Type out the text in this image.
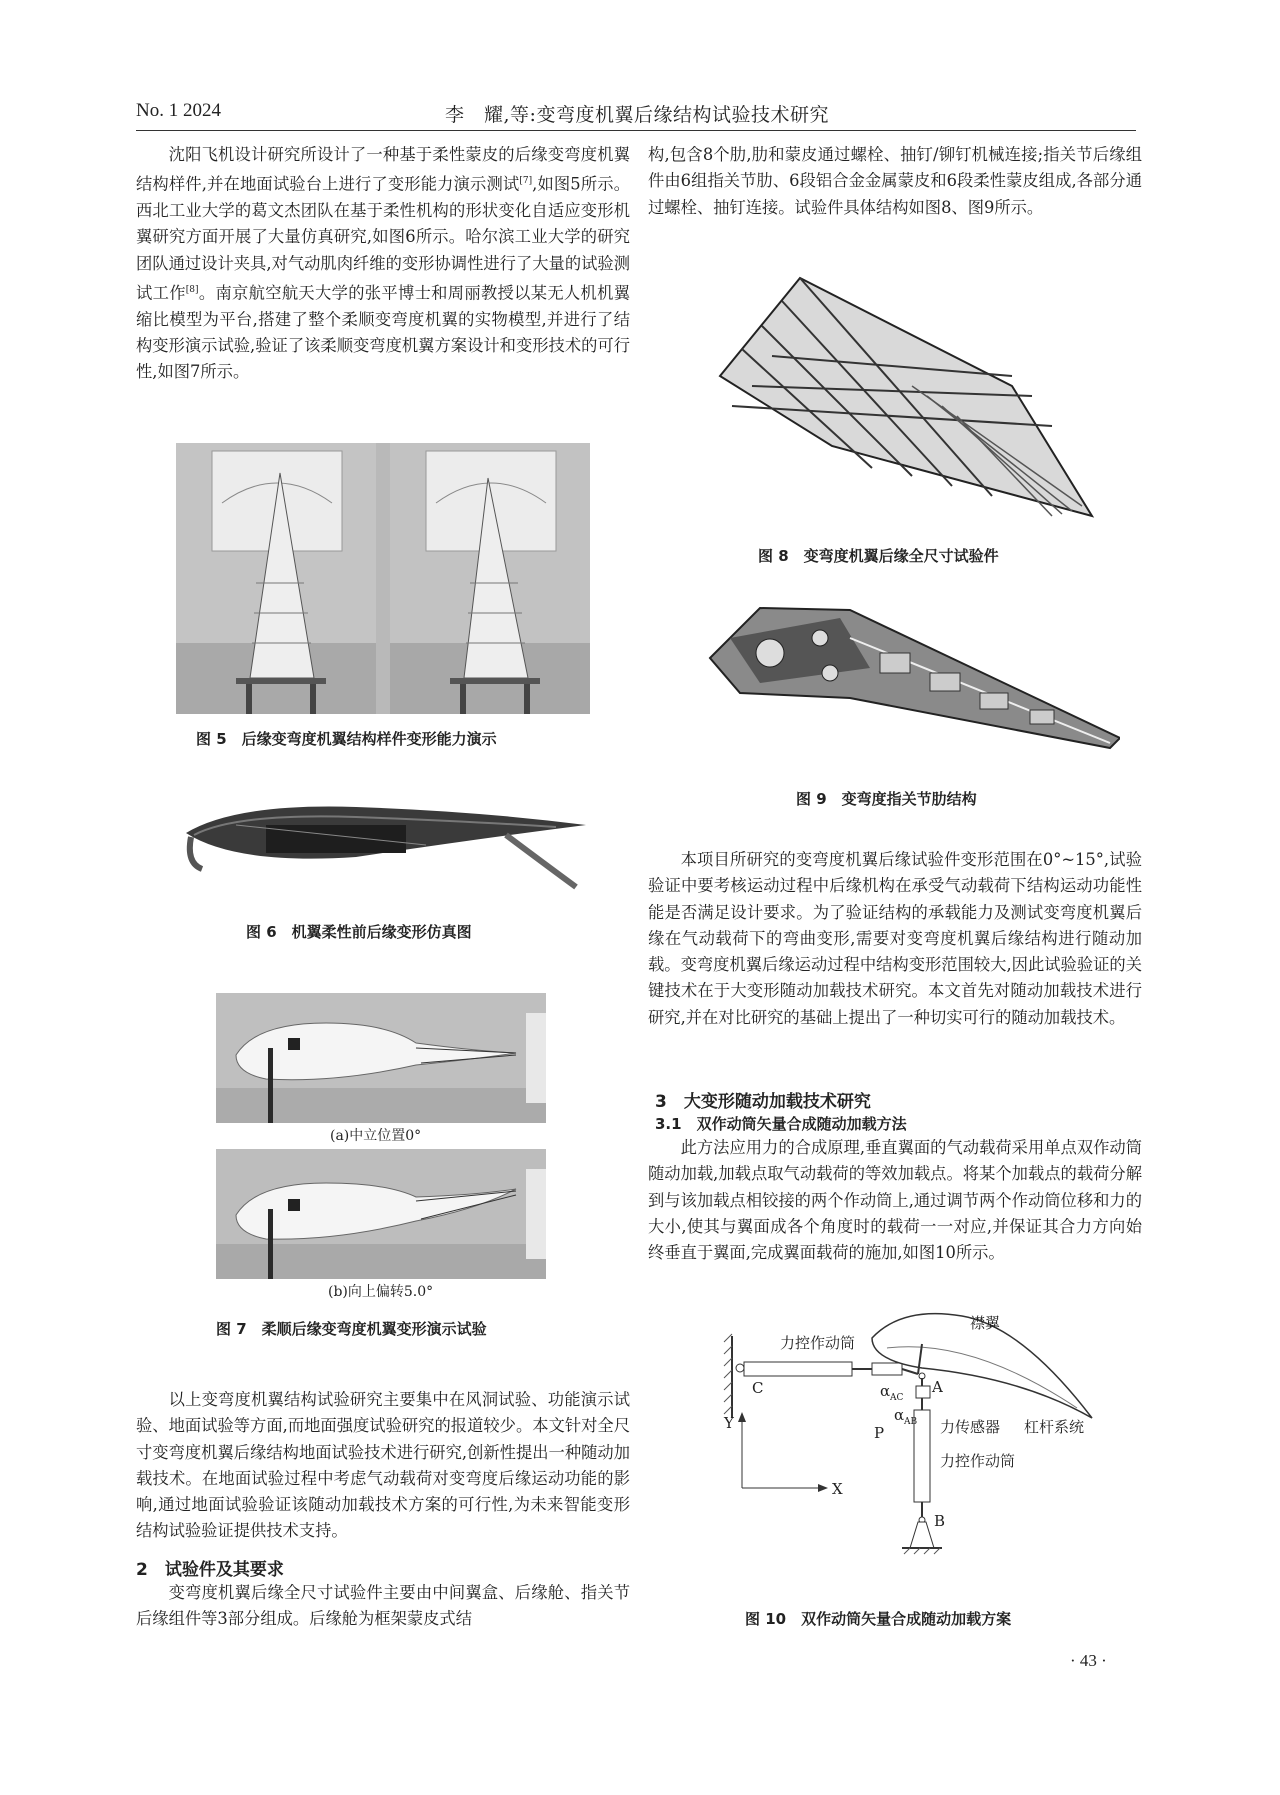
No. 1 2024	李　耀,等:变弯度机翼后缘结构试验技术研究

沈阳飞机设计研究所设计了一种基于柔性蒙皮的后缘变弯度机翼结构样件,并在地面试验台上进行了变形能力演示测试[7],如图5所示。西北工业大学的葛文杰团队在基于柔性机构的形状变化自适应变形机翼研究方面开展了大量仿真研究,如图6所示。哈尔滨工业大学的研究团队通过设计夹具,对气动肌肉纤维的变形协调性进行了大量的试验测试工作[8]。南京航空航天大学的张平博士和周丽教授以某无人机机翼缩比模型为平台,搭建了整个柔顺变弯度机翼的实物模型,并进行了结构变形演示试验,验证了该柔顺变弯度机翼方案设计和变形技术的可行性,如图7所示。

图 5　后缘变弯度机翼结构样件变形能力演示
图 6　机翼柔性前后缘变形仿真图
(a)中立位置0°
(b)向上偏转5.0°
图 7　柔顺后缘变弯度机翼变形演示试验

以上变弯度机翼结构试验研究主要集中在风洞试验、功能演示试验、地面试验等方面,而地面强度试验研究的报道较少。本文针对全尺寸变弯度机翼后缘结构地面试验技术进行研究,创新性提出一种随动加载技术。在地面试验过程中考虑气动载荷对变弯度后缘运动功能的影响,通过地面试验验证该随动加载技术方案的可行性,为未来智能变形结构试验验证提供技术支持。

2　试验件及其要求

变弯度机翼后缘全尺寸试验件主要由中间翼盒、后缘舱、指关节后缘组件等3部分组成。后缘舱为框架蒙皮式结

构,包含8个肋,肋和蒙皮通过螺栓、抽钉/铆钉机械连接;指关节后缘组件由6组指关节肋、6段铝合金金属蒙皮和6段柔性蒙皮组成,各部分通过螺栓、抽钉连接。试验件具体结构如图8、图9所示。

图 8　变弯度机翼后缘全尺寸试验件
图 9　变弯度指关节肋结构

本项目所研究的变弯度机翼后缘试验件变形范围在0°~15°,试验验证中要考核运动过程中后缘机构在承受气动载荷下结构运动功能性能是否满足设计要求。为了验证结构的承载能力及测试变弯度机翼后缘在气动载荷下的弯曲变形,需要对变弯度机翼后缘结构进行随动加载。变弯度机翼后缘运动过程中结构变形范围较大,因此试验验证的关键技术在于大变形随动加载技术研究。本文首先对随动加载技术进行研究,并在对比研究的基础上提出了一种切实可行的随动加载技术。

3　大变形随动加载技术研究
3.1　双作动筒矢量合成随动加载方法

此方法应用力的合成原理,垂直翼面的气动载荷采用单点双作动筒随动加载,加载点取气动载荷的等效加载点。将某个加载点的载荷分解到与该加载点相铰接的两个作动筒上,通过调节两个作动筒位移和力的大小,使其与翼面成各个角度时的载荷一一对应,并保证其合力方向始终垂直于翼面,完成翼面载荷的施加,如图10所示。

襟翼
力控作动筒
C	A
α AC
α AB
P	力传感器 杠杆系统
力控作动筒
Y
X
B
图 10　双作动筒矢量合成随动加载方案
· 43 ·
